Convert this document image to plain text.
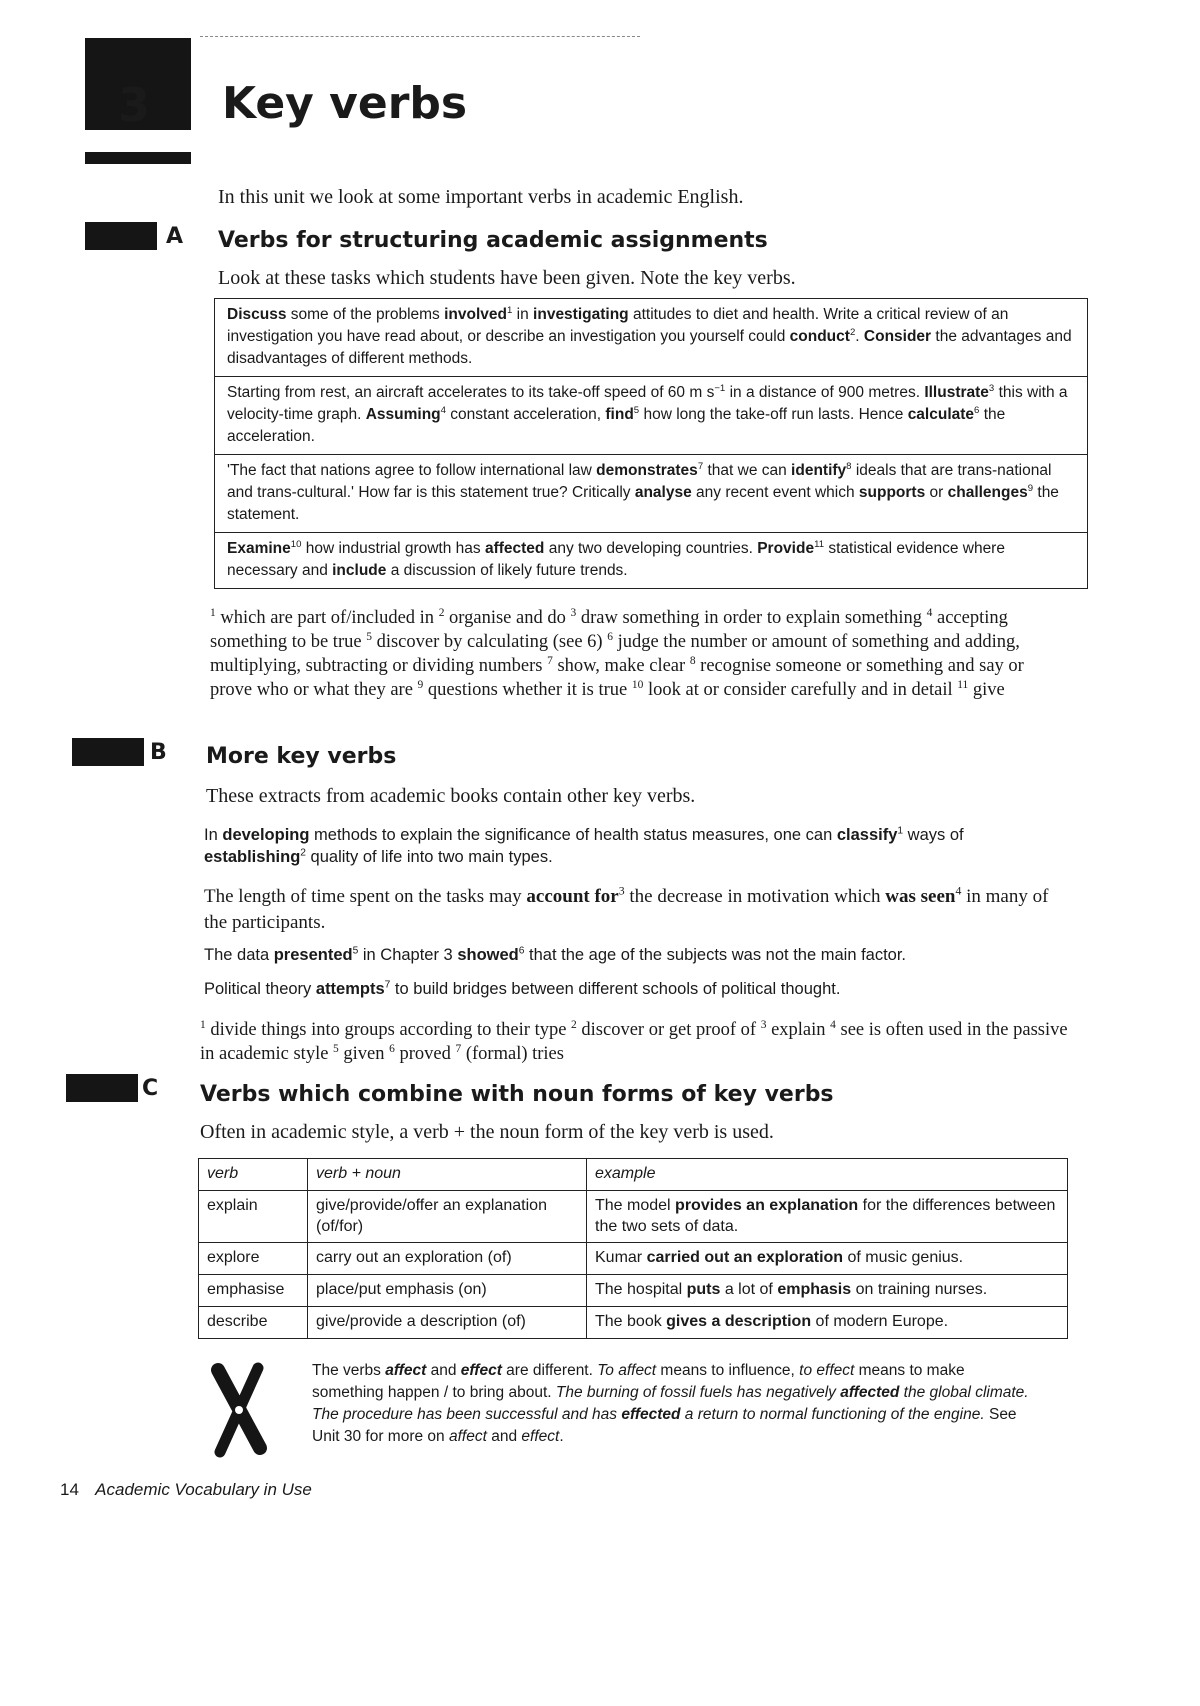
3 Key verbs

In this unit we look at some important verbs in academic English.

A Verbs for structuring academic assignments

Look at these tasks which students have been given. Note the key verbs.

Discuss some of the problems involved$^1$ in investigating attitudes to diet and health. Write a critical review of an investigation you have read about, or describe an investigation you yourself could conduct$^2$. Consider the advantages and disadvantages of different methods.

Starting from rest, an aircraft accelerates to its take-off speed of 60 m $s^{-1}$ in a distance of 900 metres. Illustrate$^3$ this with a velocity-time graph. Assuming$^4$ constant acceleration, find$^5$ how long the take-off run lasts. Hence calculate$^6$ the acceleration.

'The fact that nations agree to follow international law demonstrates$^7$ that we can identify$^8$ ideals that are trans-national and trans-cultural.' How far is this statement true? Critically analyse any recent event which supports or challenges$^9$ the statement.

Examine$^{10}$ how industrial growth has affected any two developing countries. Provide$^{11}$ statistical evidence where necessary and include a discussion of likely future trends.

$^1$ which are part of/included in $^2$ organise and do $^3$ draw something in order to explain something $^4$ accepting something to be true $^5$ discover by calculating (see 6) $^6$ judge the number or amount of something and adding, multiplying, subtracting or dividing numbers $^7$ show, make clear $^8$ recognise someone or something and say or prove who or what they are $^9$ questions whether it is true $^{10}$ look at or consider carefully and in detail $^{11}$ give

B More key verbs

These extracts from academic books contain other key verbs.

In developing methods to explain the significance of health status measures, one can classify$^1$ ways of establishing$^2$ quality of life into two main types.

The length of time spent on the tasks may account for$^3$ the decrease in motivation which was seen$^4$ in many of the participants.

The data presented$^5$ in Chapter 3 showed$^6$ that the age of the subjects was not the main factor.

Political theory attempts$^7$ to build bridges between different schools of political thought.

$^1$ divide things into groups according to their type $^2$ discover or get proof of $^3$ explain $^4$ see is often used in the passive in academic style $^5$ given $^6$ proved $^7$ (formal) tries

C Verbs which combine with noun forms of key verbs

Often in academic style, a verb + the noun form of the key verb is used.

verb	verb + noun	example
explain	give/provide/offer an explanation (of/for)	The model provides an explanation for the differences between the two sets of data.
explore	carry out an exploration (of)	Kumar carried out an exploration of music genius.
emphasise	place/put emphasis (on)	The hospital puts a lot of emphasis on training nurses.
describe	give/provide a description (of)	The book gives a description of modern Europe.

The verbs affect and effect are different. To affect means to influence, to effect means to make something happen / to bring about. The burning of fossil fuels has negatively affected the global climate. The procedure has been successful and has effected a return to normal functioning of the engine. See Unit 30 for more on affect and effect.

14 Academic Vocabulary in Use
